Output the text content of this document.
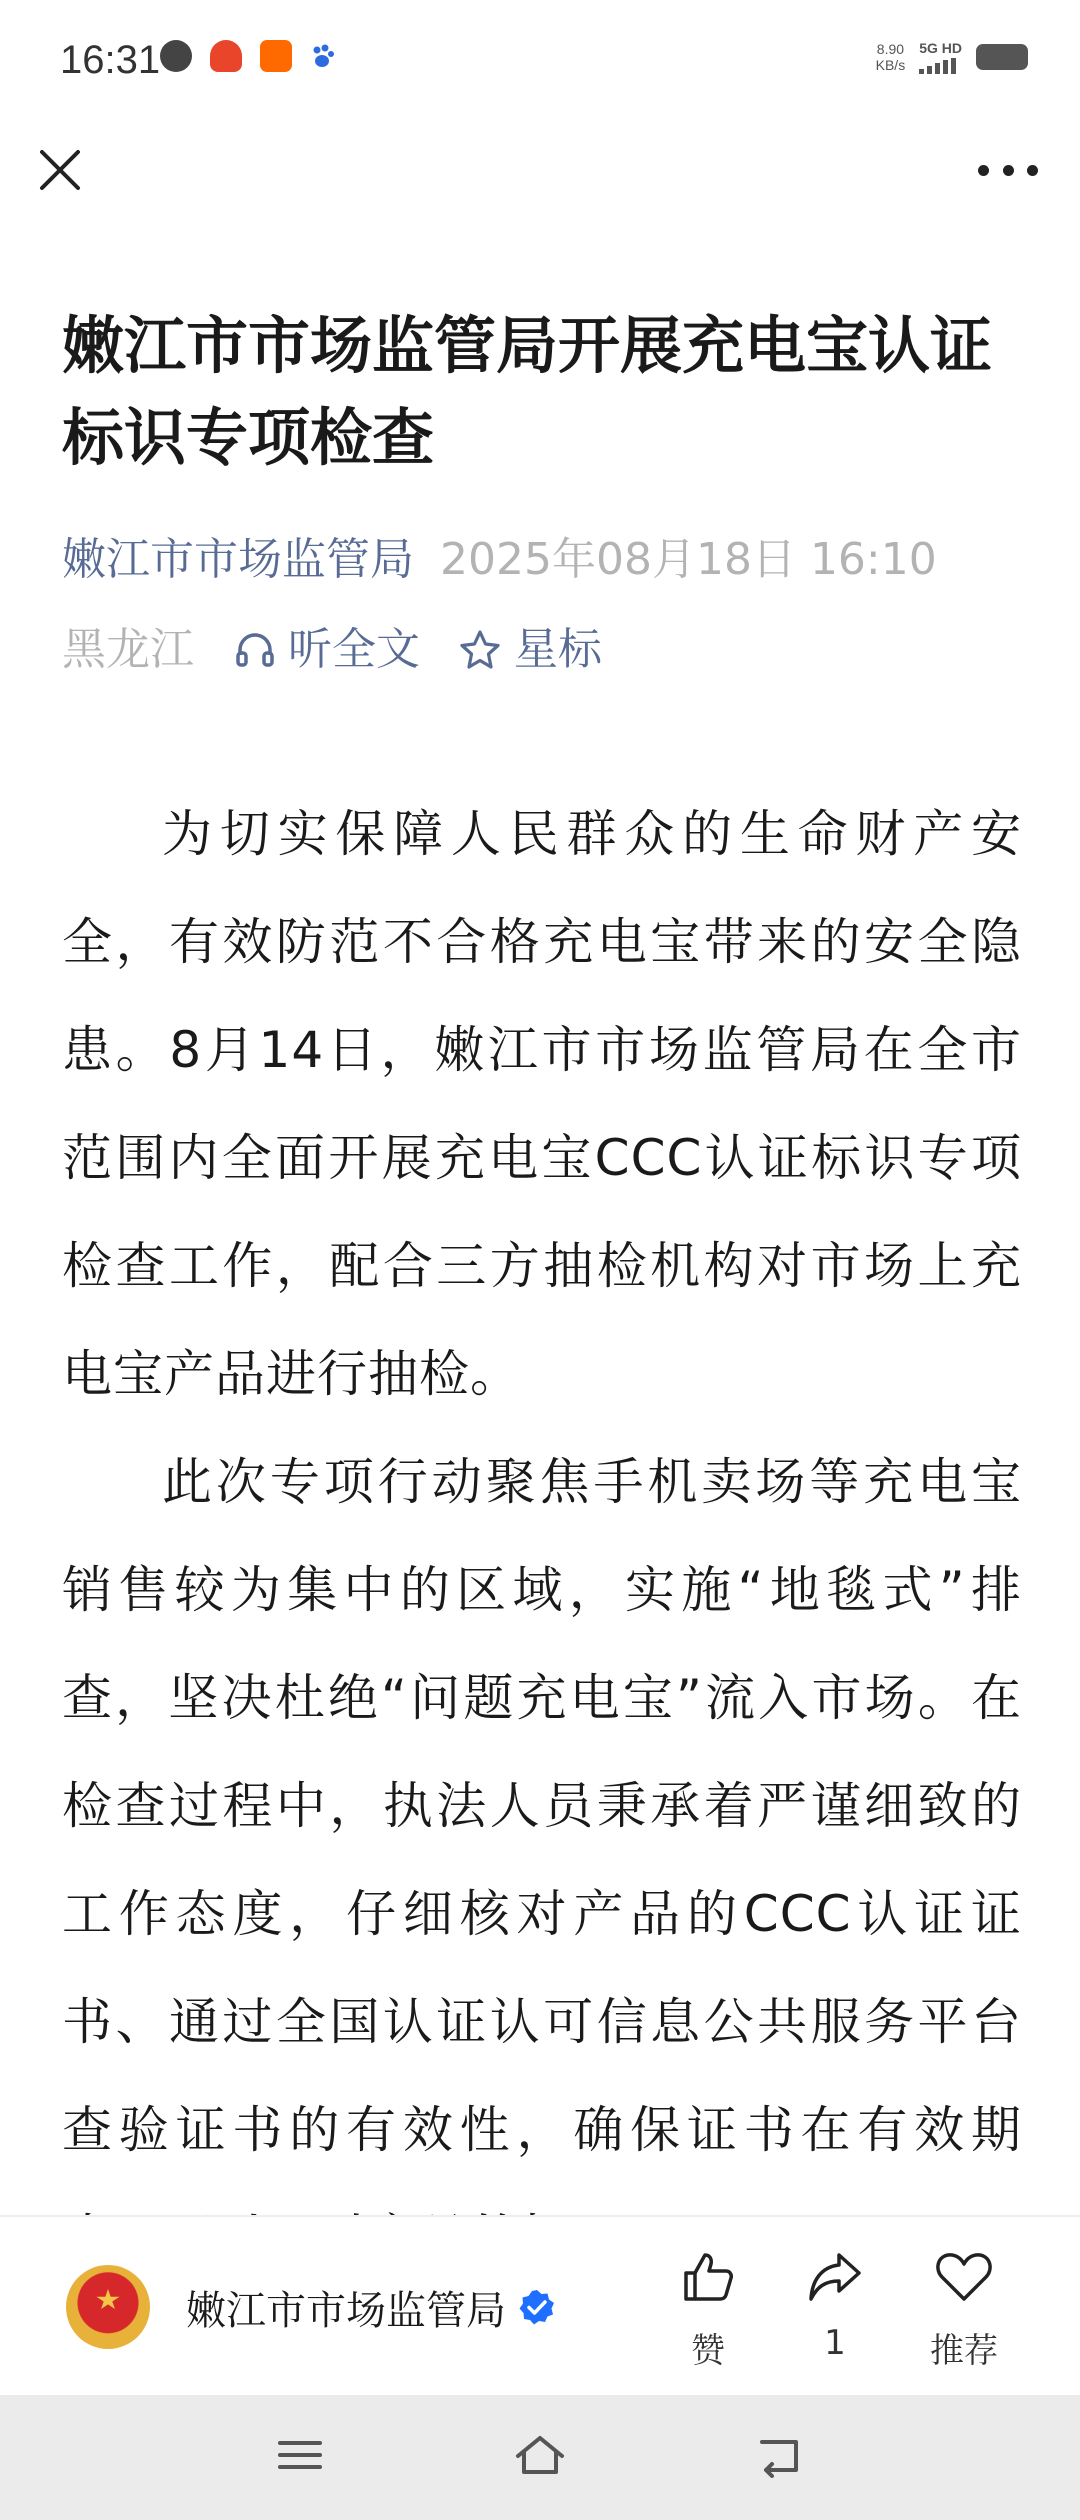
16:31	8.90
KB/s
5G HD
嫩江市市场监管局开展充电宝认证标识专项检查
嫩江市市场监管局 2025年08月18日 16:10
黑龙江 听全文 星标

为切实保障人民群众的生命财产安全，有效防范不合格充电宝带来的安全隐患。8月14日，嫩江市市场监管局在全市范围内全面开展充电宝CCC认证标识专项检查工作，配合三方抽检机构对市场上充电宝产品进行抽检。

此次专项行动聚焦手机卖场等充电宝销售较为集中的区域，实施“地毯式”排查，坚决杜绝“问题充电宝”流入市场。在检查过程中，执法人员秉承着严谨细致的工作态度，仔细核对产品的CCC认证证书、通过全国认证认可信息公共服务平台查验证书的有效性，确保证书在有效期

嫩江市市场监管局
赞	1	推荐
